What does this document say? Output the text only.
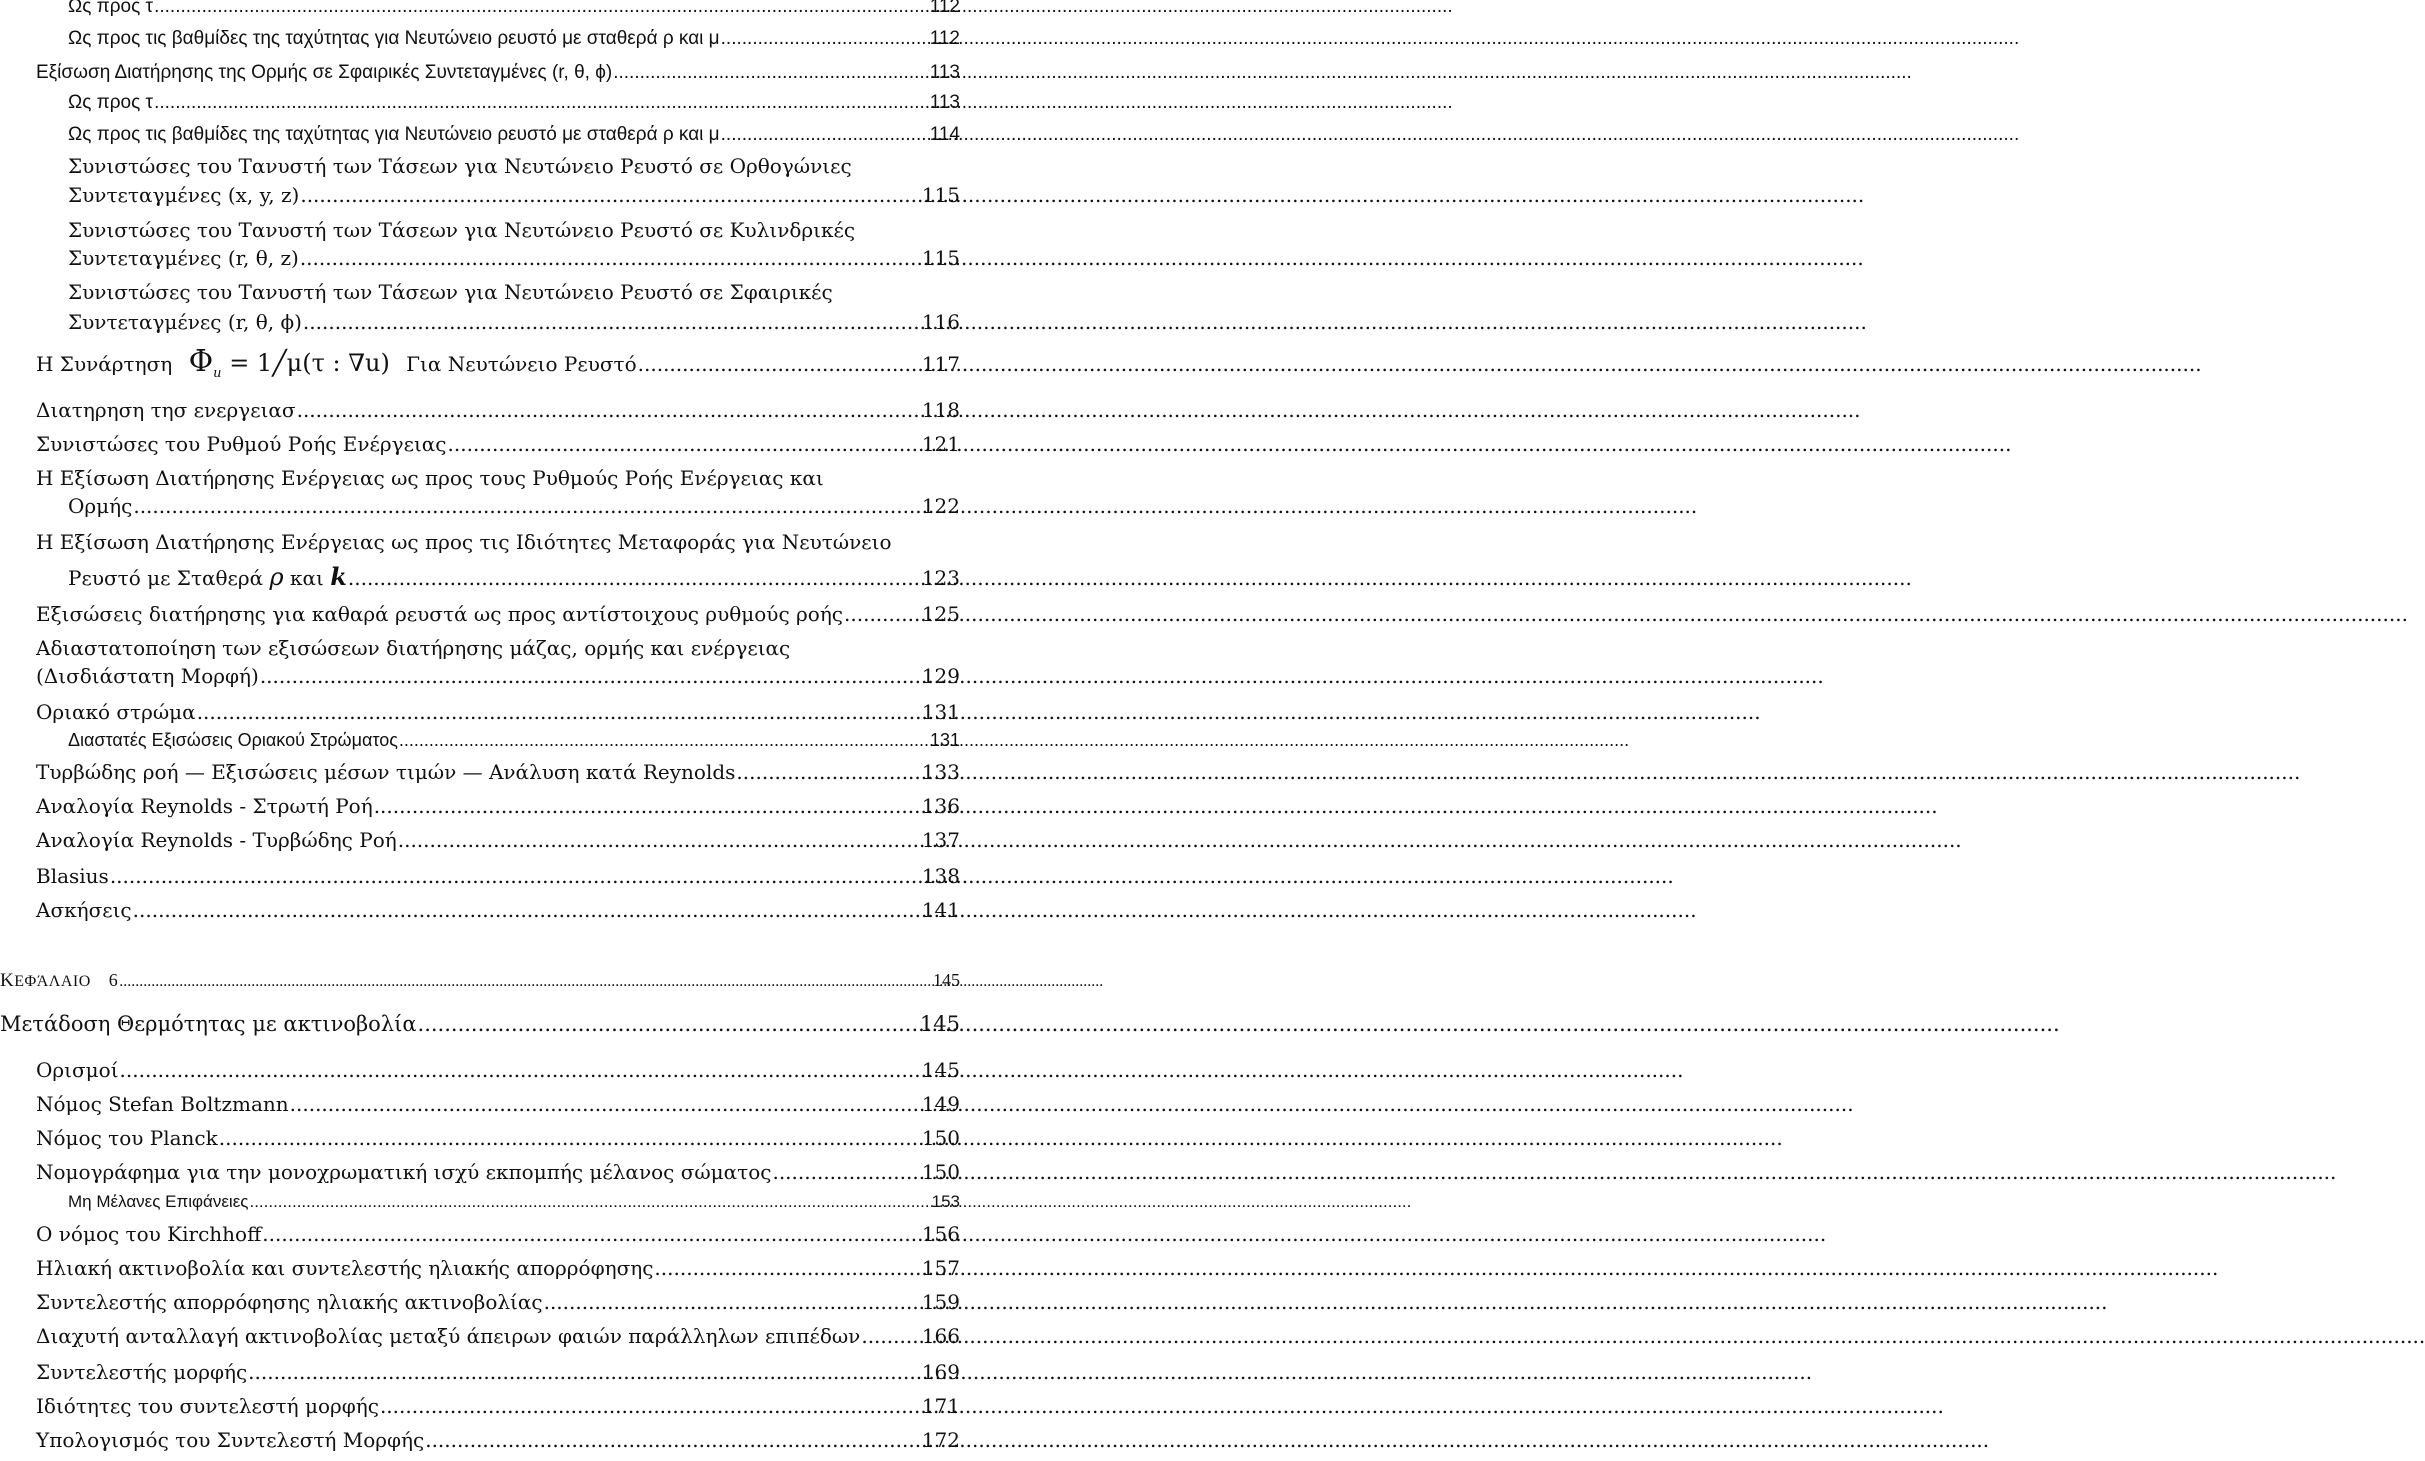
Ως προς τ .....	112
Ως προς τις βαθμίδες της ταχύτητας για Νευτώνειο ρευστό με σταθερά ρ και μ .....	112
Εξίσωση Διατήρησης της Ορμής σε Σφαιρικές Συντεταγμένες (r, θ, ϕ) .....	113
Ως προς τ .....	113
Ως προς τις βαθμίδες της ταχύτητας για Νευτώνειο ρευστό με σταθερά ρ και μ .....	114
Συνιστώσες του Τανυστή των Τάσεων για Νευτώνειο Ρευστό σε Ορθογώνιες
Συντεταγμένες (x, y, z) .....	115
Συνιστώσες του Τανυστή των Τάσεων για Νευτώνειο Ρευστό σε Κυλινδρικές
Συντεταγμένες (r, θ, z) .....	115
Συνιστώσες του Τανυστή των Τάσεων για Νευτώνειο Ρευστό σε Σφαιρικές
Συντεταγμένες (r, θ, ϕ) .....	116
Η Συνάρτηση $\Phi_u$ = 1╱μ(τ : ∇u) Για Νευτώνειο Ρευστό .....	117
Διατηρηση τησ ενεργειασ .....	118
Συνιστώσες του Ρυθμού Ροής Ενέργειας .....	121
Η Εξίσωση Διατήρησης Ενέργειας ως προς τους Ρυθμούς Ροής Ενέργειας και
Ορμής .....	122
Η Εξίσωση Διατήρησης Ενέργειας ως προς τις Ιδιότητες Μεταφοράς για Νευτώνειο
Ρευστό με Σταθερά ρ και k .....	123
Εξισώσεις διατήρησης για καθαρά ρευστά ως προς αντίστοιχους ρυθμούς ροής .....	125
Αδιαστατοποίηση των εξισώσεων διατήρησης μάζας, ορμής και ενέργειας
(Δισδιάστατη Μορφή) .....	129
Οριακό στρώμα .....	131
Διαστατές Εξισώσεις Οριακού Στρώματος .....	131
Τυρβώδης ροή — Εξισώσεις μέσων τιμών — Ανάλυση κατά Reynolds .....	133
Αναλογία Reynolds - Στρωτή Ροή .....	136
Αναλογία Reynolds - Τυρβώδης Ροή .....	137
Blasius .....	138
Ασκήσεις .....	141
ΚΕΦΆΛΑΙΟ 6 .....	145
Μετάδοση Θερμότητας με ακτινοβολία .....	145
Ορισμοί .....	145
Νόμος Stefan Boltzmann .....	149
Νόμος του Planck .....	150
Νομογράφημα για την μονοχρωματική ισχύ εκπομπής μέλανος σώματος .....	150
Μη Μέλανες Επιφάνειες .....	153
Ο νόμος του Kirchhoff .....	156
Ηλιακή ακτινοβολία και συντελεστής ηλιακής απορρόφησης .....	157
Συντελεστής απορρόφησης ηλιακής ακτινοβολίας .....	159
Διαχυτή ανταλλαγή ακτινοβολίας μεταξύ άπειρων φαιών παράλληλων επιπέδων .....	166
Συντελεστής μορφής .....	169
Ιδιότητες του συντελεστή μορφής .....	171
Υπολογισμός του Συντελεστή Μορφής .....	172
